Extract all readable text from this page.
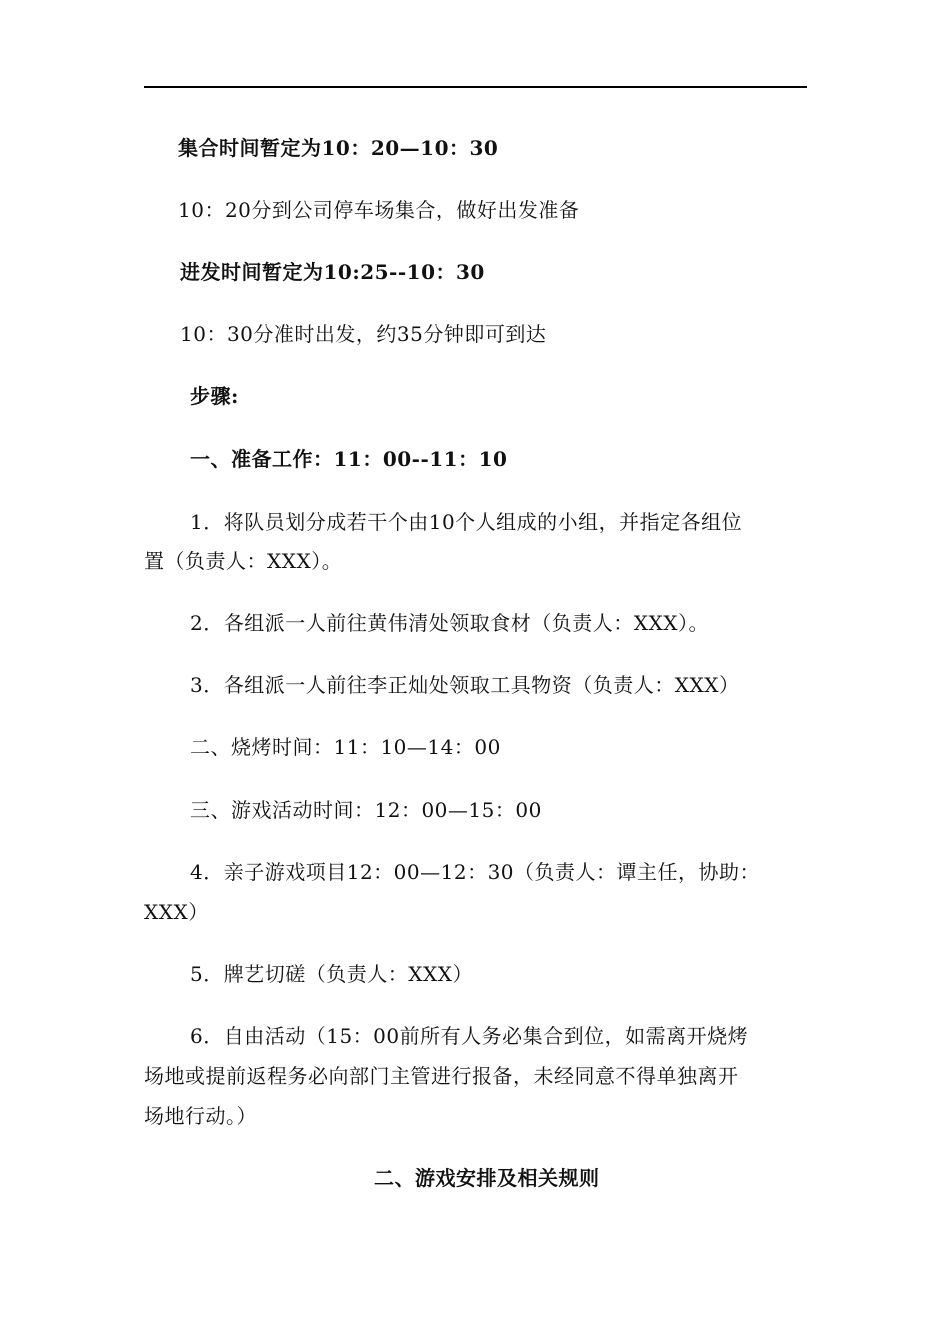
集合时间暂定为10：20—10：30
10：20分到公司停车场集合，做好出发准备
进发时间暂定为10:25--10：30
10：30分准时出发，约35分钟即可到达
步骤:
一、准备工作：11：00--11：10
1．将队员划分成若干个由10个人组成的小组，并指定各组位
置（负责人：XXX）。
2．各组派一人前往黄伟清处领取食材（负责人：XXX）。
3．各组派一人前往李正灿处领取工具物资（负责人：XXX）
二、烧烤时间：11：10—14：00
三、游戏活动时间：12：00—15：00
4．亲子游戏项目12：00—12：30（负责人：谭主任，协助：
XXX）
5．牌艺切磋（负责人：XXX）
6．自由活动（15：00前所有人务必集合到位，如需离开烧烤
场地或提前返程务必向部门主管进行报备，未经同意不得单独离开
场地行动。）
二、游戏安排及相关规则
